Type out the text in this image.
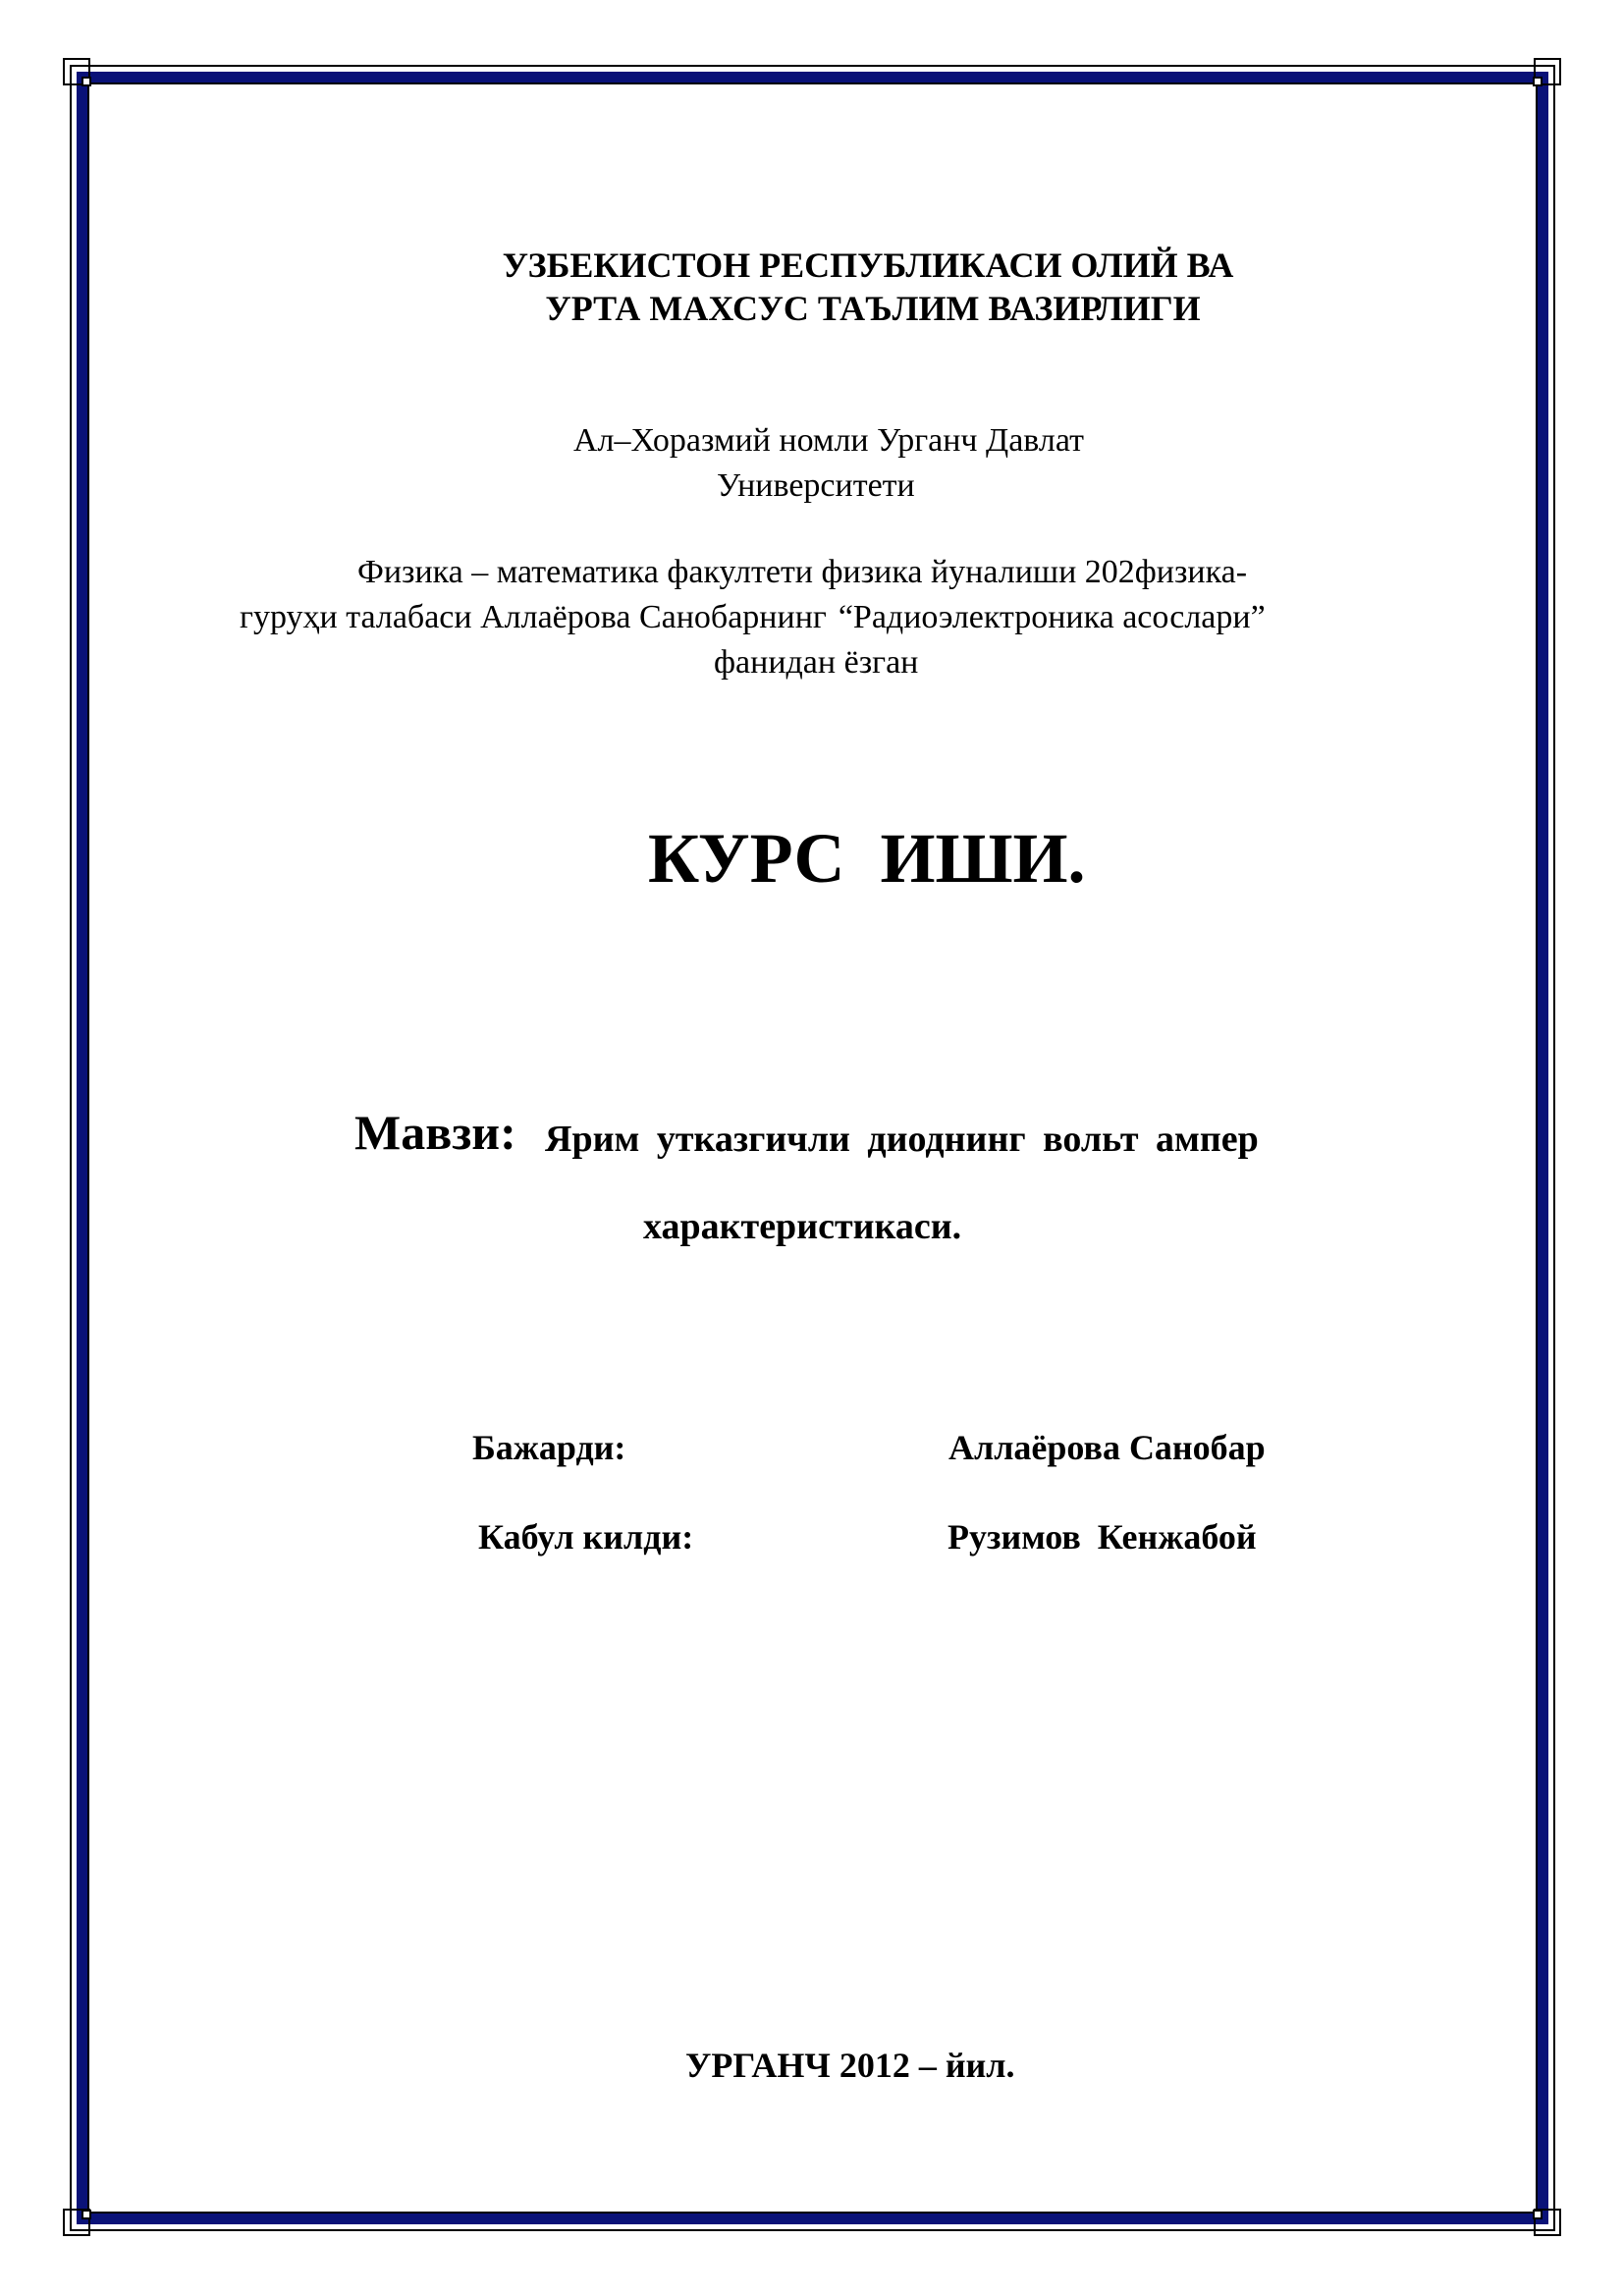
УЗБЕКИСТОН РЕСПУБЛИКАСИ ОЛИЙ ВА
УРТА МАХСУС ТАЪЛИМ ВАЗИРЛИГИ
Ал–Хоразмий номли Урганч Давлат
Университети
Физика – математика факултети физика йуналиши 202физика-
гуруҳи талабаси Аллаёрова Санобарнинг “Радиоэлектроника асослари”
фанидан ёзган
КУРС ИШИ.
Мавзи: Ярим утказгичли диоднинг вольт ампер
характеристикаси.
Бажарди:	Аллаёрова Санобар
Кабул килди:	Рузимов Кенжабой
УРГАНЧ 2012 – йил.
